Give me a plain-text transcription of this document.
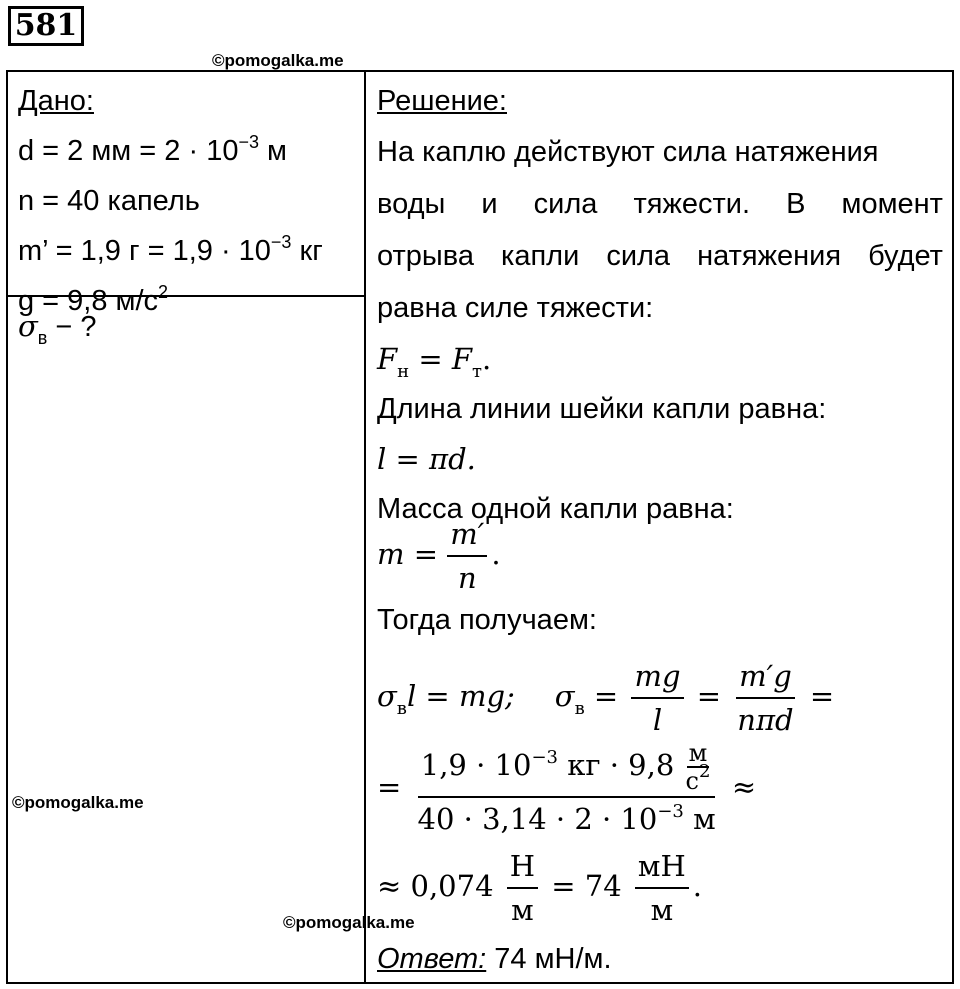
581
©pomogalka.me
©pomogalka.me
Дано:
d = 2 мм = $2 \cdot 10^{-3}$ м
n = 40 капель
m’ = 1,9 $г = 1,9 \cdot 10^{-3}$ кг
g = 9,8 $м/с^2$
$\sigma_в$ − ?
Решение:
На каплю действуют сила натяжения
воды и сила тяжести. В момент
отрыва капли сила натяжения будет
равна силе тяжести:
$F_н = F_т$.
Длина линии шейки капли равна:
l = πd.
Масса одной капли равна:
$m = \frac{m'}{n}$ .
Тогда получаем:
$\sigma_вl$ = mg; $\sigma_в = \frac{mg}{l} = \frac{m'g}{\text{nπd}}$ =
= $\frac{1,9 \cdot 10^{-3} кг \cdot 9,8 \frac{м}{с^2}}{40 \cdot 3,14 \cdot 2 \cdot 10^{-3} м}$ ≈
≈ $0,074 \frac{Н}{м} = 74 \frac{мН}{м}$ .
Ответ: 74 мН/м.
©pomogalka.me
